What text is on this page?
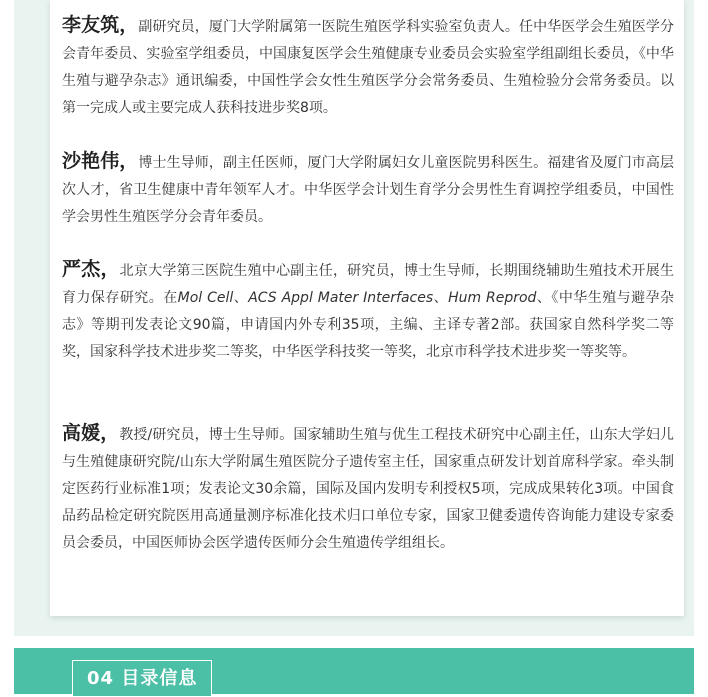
李友筑，副研究员，厦门大学附属第一医院生殖医学科实验室负责人。任中华医学会生殖医学分会青年委员、实验室学组委员，中国康复医学会生殖健康专业委员会实验室学组副组长委员，《中华生殖与避孕杂志》通讯编委，中国性学会女性生殖医学分会常务委员、生殖检验分会常务委员。以第一完成人或主要完成人获科技进步奖8项。
沙艳伟，博士生导师，副主任医师，厦门大学附属妇女儿童医院男科医生。福建省及厦门市高层次人才，省卫生健康中青年领军人才。中华医学会计划生育学分会男性生育调控学组委员，中国性学会男性生殖医学分会青年委员。
严杰，北京大学第三医院生殖中心副主任，研究员，博士生导师，长期围绕辅助生殖技术开展生育力保存研究。在Mol Cell、ACS Appl Mater Interfaces、Hum Reprod、《中华生殖与避孕杂志》等期刊发表论文90篇，申请国内外专利35项，主编、主译专著2部。获国家自然科学奖二等奖，国家科学技术进步奖二等奖，中华医学科技奖一等奖，北京市科学技术进步奖一等奖等。
高媛，教授/研究员，博士生导师。国家辅助生殖与优生工程技术研究中心副主任，山东大学妇儿与生殖健康研究院/山东大学附属生殖医院分子遗传室主任，国家重点研发计划首席科学家。牵头制定医药行业标准1项；发表论文30余篇，国际及国内发明专利授权5项，完成成果转化3项。中国食品药品检定研究院医用高通量测序标准化技术归口单位专家，国家卫健委遗传咨询能力建设专家委员会委员，中国医师协会医学遗传医师分会生殖遗传学组组长。
04 目录信息
